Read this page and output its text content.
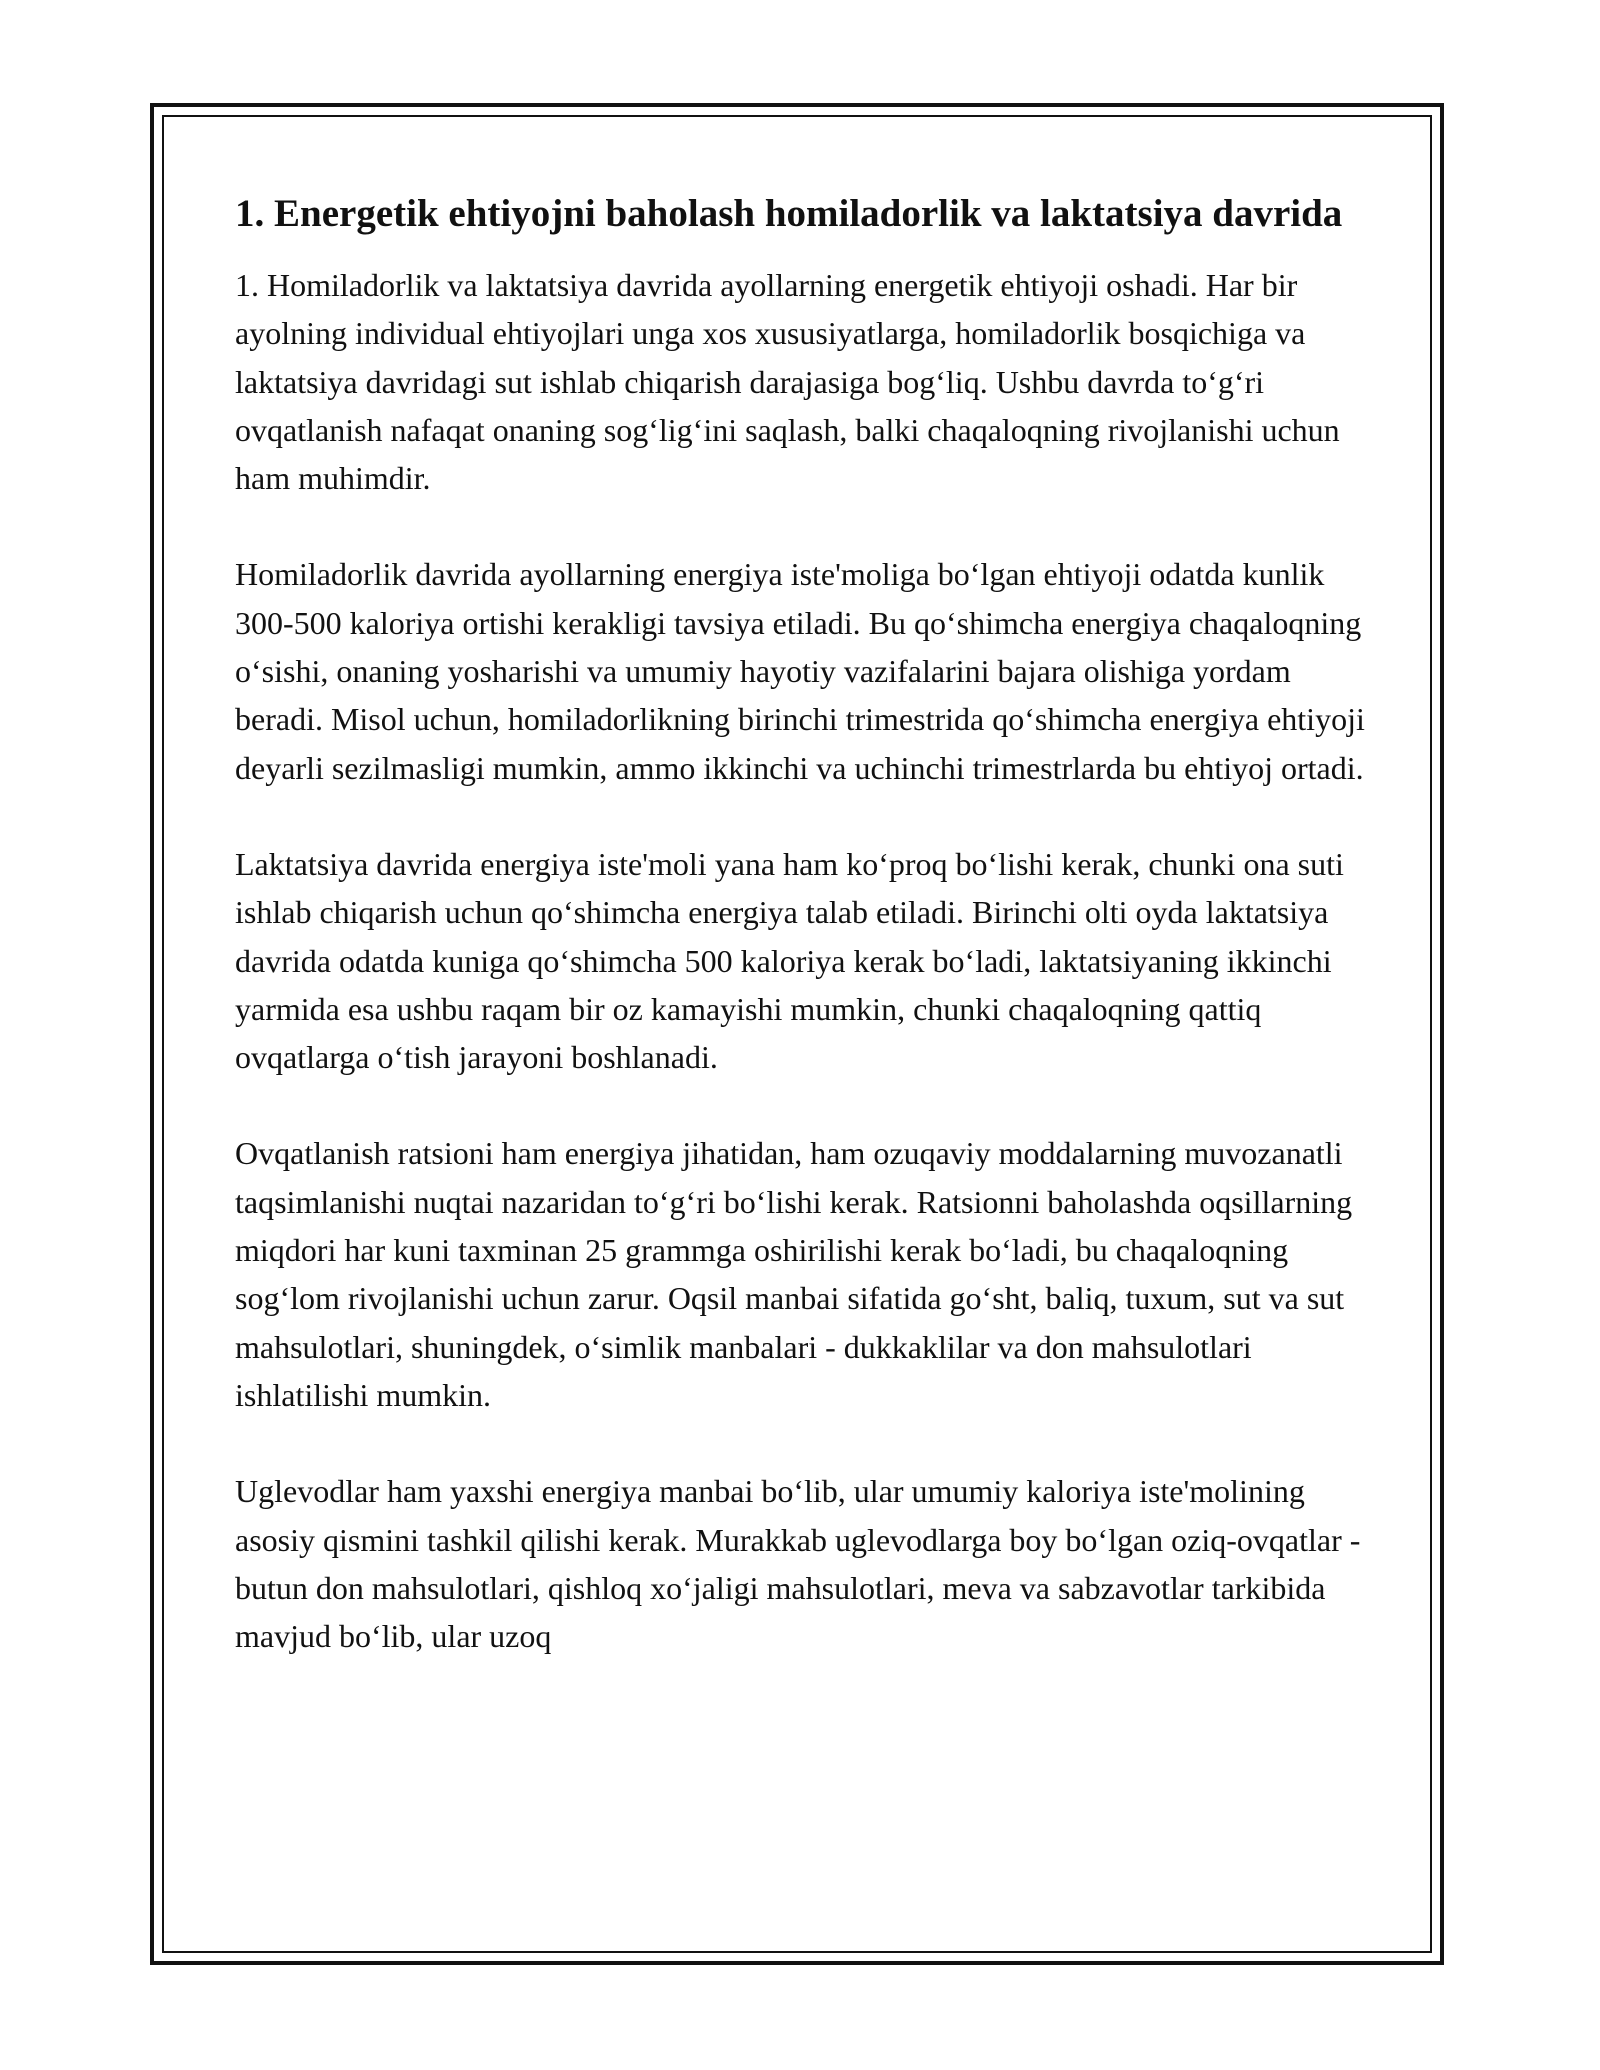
1. Energetik ehtiyojni baholash homiladorlik va laktatsiya davrida

1. Homiladorlik va laktatsiya davrida ayollarning energetik ehtiyoji oshadi. Har bir ayolning individual ehtiyojlari unga xos xususiyatlarga, homiladorlik bosqichiga va laktatsiya davridagi sut ishlab chiqarish darajasiga bog‘liq. Ushbu davrda to‘g‘ri ovqatlanish nafaqat onaning sog‘lig‘ini saqlash, balki chaqaloqning rivojlanishi uchun ham muhimdir.

Homiladorlik davrida ayollarning energiya iste'moliga bo‘lgan ehtiyoji odatda kunlik 300-500 kaloriya ortishi kerakligi tavsiya etiladi. Bu qo‘shimcha energiya chaqaloqning o‘sishi, onaning yosharishi va umumiy hayotiy vazifalarini bajara olishiga yordam beradi. Misol uchun, homiladorlikning birinchi trimestrida qo‘shimcha energiya ehtiyoji deyarli sezilmasligi mumkin, ammo ikkinchi va uchinchi trimestrlarda bu ehtiyoj ortadi.

Laktatsiya davrida energiya iste'moli yana ham ko‘proq bo‘lishi kerak, chunki ona suti ishlab chiqarish uchun qo‘shimcha energiya talab etiladi. Birinchi olti oyda laktatsiya davrida odatda kuniga qo‘shimcha 500 kaloriya kerak bo‘ladi, laktatsiyaning ikkinchi yarmida esa ushbu raqam bir oz kamayishi mumkin, chunki chaqaloqning qattiq ovqatlarga o‘tish jarayoni boshlanadi.

Ovqatlanish ratsioni ham energiya jihatidan, ham ozuqaviy moddalarning muvozanatli taqsimlanishi nuqtai nazaridan to‘g‘ri bo‘lishi kerak. Ratsionni baholashda oqsillarning miqdori har kuni taxminan 25 grammga oshirilishi kerak bo‘ladi, bu chaqaloqning sog‘lom rivojlanishi uchun zarur. Oqsil manbai sifatida go‘sht, baliq, tuxum, sut va sut mahsulotlari, shuningdek, o‘simlik manbalari - dukkaklilar va don mahsulotlari ishlatilishi mumkin.

Uglevodlar ham yaxshi energiya manbai bo‘lib, ular umumiy kaloriya iste'molining asosiy qismini tashkil qilishi kerak. Murakkab uglevodlarga boy bo‘lgan oziq-ovqatlar - butun don mahsulotlari, qishloq xo‘jaligi mahsulotlari, meva va sabzavotlar tarkibida mavjud bo‘lib, ular uzoq
